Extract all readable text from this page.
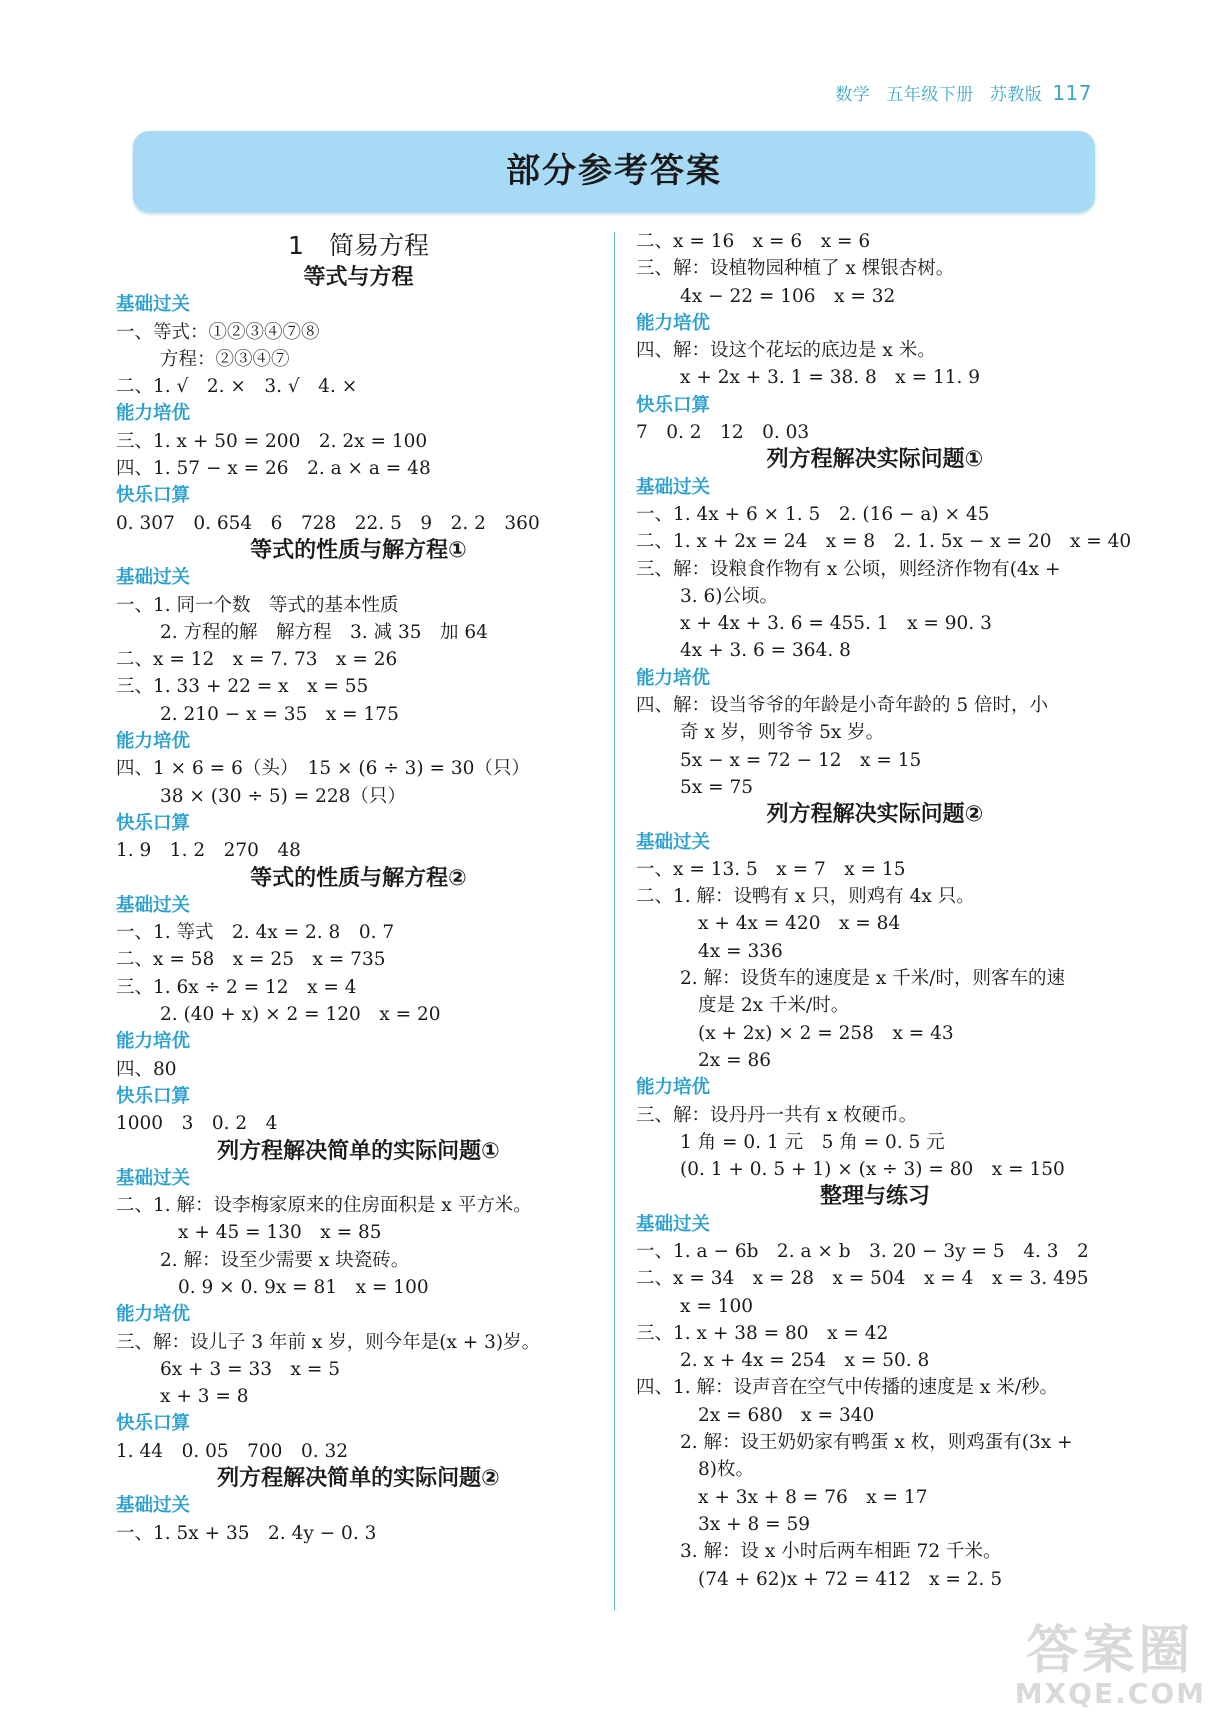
数学 五年级下册 苏教版 117
部分参考答案
1　简易方程
等式与方程
基础过关
一、等式：①②③④⑦⑧
方程：②③④⑦
二、1. √　2. ×　3. √　4. ×
能力培优
三、1. x + 50 = 200　2. 2x = 100
四、1. 57 − x = 26　2. a × a = 48
快乐口算
0. 307　0. 654　6　728　22. 5　9　2. 2　360
等式的性质与解方程①
基础过关
一、1. 同一个数　等式的基本性质
2. 方程的解　解方程　3. 减 35　加 64
二、x = 12　x = 7. 73　x = 26
三、1. 33 + 22 = x　x = 55
2. 210 − x = 35　x = 175
能力培优
四、1 × 6 = 6（头）　15 × (6 ÷ 3) = 30（只）
38 × (30 ÷ 5) = 228（只）
快乐口算
1. 9　1. 2　270　48
等式的性质与解方程②
基础过关
一、1. 等式　2. 4x = 2. 8　0. 7
二、x = 58　x = 25　x = 735
三、1. 6x ÷ 2 = 12　x = 4
2. (40 + x) × 2 = 120　x = 20
能力培优
四、80
快乐口算
1000　3　0. 2　4
列方程解决简单的实际问题①
基础过关
二、1. 解：设李梅家原来的住房面积是 x 平方米。
x + 45 = 130　x = 85
2. 解：设至少需要 x 块瓷砖。
0. 9 × 0. 9x = 81　x = 100
能力培优
三、解：设儿子 3 年前 x 岁，则今年是(x + 3)岁。
6x + 3 = 33　x = 5
x + 3 = 8
快乐口算
1. 44　0. 05　700　0. 32
列方程解决简单的实际问题②
基础过关
一、1. 5x + 35　2. 4y − 0. 3
二、x = 16　x = 6　x = 6
三、解：设植物园种植了 x 棵银杏树。
4x − 22 = 106　x = 32
能力培优
四、解：设这个花坛的底边是 x 米。
x + 2x + 3. 1 = 38. 8　x = 11. 9
快乐口算
7　0. 2　12　0. 03
列方程解决实际问题①
基础过关
一、1. 4x + 6 × 1. 5　2. (16 − a) × 45
二、1. x + 2x = 24　x = 8　2. 1. 5x − x = 20　x = 40
三、解：设粮食作物有 x 公顷，则经济作物有(4x +
3. 6)公顷。
x + 4x + 3. 6 = 455. 1　x = 90. 3
4x + 3. 6 = 364. 8
能力培优
四、解：设当爷爷的年龄是小奇年龄的 5 倍时，小
奇 x 岁，则爷爷 5x 岁。
5x − x = 72 − 12　x = 15
5x = 75
列方程解决实际问题②
基础过关
一、x = 13. 5　x = 7　x = 15
二、1. 解：设鸭有 x 只，则鸡有 4x 只。
x + 4x = 420　x = 84
4x = 336
2. 解：设货车的速度是 x 千米/时，则客车的速
度是 2x 千米/时。
(x + 2x) × 2 = 258　x = 43
2x = 86
能力培优
三、解：设丹丹一共有 x 枚硬币。
1 角 = 0. 1 元　5 角 = 0. 5 元
(0. 1 + 0. 5 + 1) × (x ÷ 3) = 80　x = 150
整理与练习
基础过关
一、1. a − 6b　2. a × b　3. 20 − 3y = 5　4. 3　2
二、x = 34　x = 28　x = 504　x = 4　x = 3. 495
x = 100
三、1. x + 38 = 80　x = 42
2. x + 4x = 254　x = 50. 8
四、1. 解：设声音在空气中传播的速度是 x 米/秒。
2x = 680　x = 340
2. 解：设王奶奶家有鸭蛋 x 枚，则鸡蛋有(3x +
8)枚。
x + 3x + 8 = 76　x = 17
3x + 8 = 59
3. 解：设 x 小时后两车相距 72 千米。
(74 + 62)x + 72 = 412　x = 2. 5
答案圈
MXQE.COM
